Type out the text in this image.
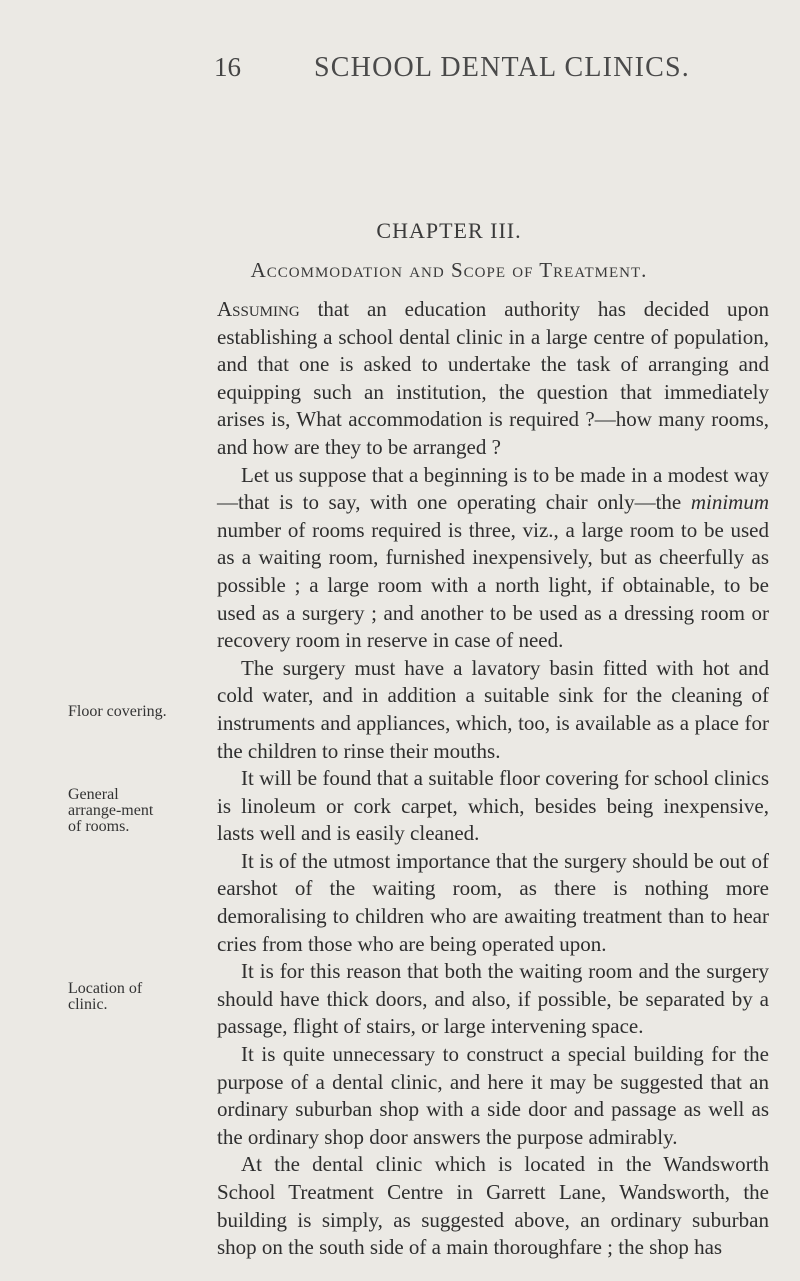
16	SCHOOL DENTAL CLINICS.
CHAPTER III.
Accommodation and Scope of Treatment.

Assuming that an education authority has decided upon establishing a school dental clinic in a large centre of population, and that one is asked to undertake the task of arranging and equipping such an institution, the question that immediately arises is, What accommodation is required ?—how many rooms, and how are they to be arranged ?

Let us suppose that a beginning is to be made in a modest way—that is to say, with one operating chair only—the minimum number of rooms required is three, viz., a large room to be used as a waiting room, furnished inexpensively, but as cheerfully as possible ; a large room with a north light, if obtainable, to be used as a surgery ; and another to be used as a dressing room or recovery room in reserve in case of need.

The surgery must have a lavatory basin fitted with hot and cold water, and in addition a suitable sink for the cleaning of instruments and appliances, which, too, is available as a place for the children to rinse their mouths.

It will be found that a suitable floor covering for school clinics is linoleum or cork carpet, which, besides being inexpensive, lasts well and is easily cleaned.

It is of the utmost importance that the surgery should be out of earshot of the waiting room, as there is nothing more demoralising to children who are awaiting treatment than to hear cries from those who are being operated upon.

It is for this reason that both the waiting room and the surgery should have thick doors, and also, if possible, be separated by a passage, flight of stairs, or large intervening space.

It is quite unnecessary to construct a special building for the purpose of a dental clinic, and here it may be suggested that an ordinary suburban shop with a side door and passage as well as the ordinary shop door answers the purpose admirably.

At the dental clinic which is located in the Wandsworth School Treatment Centre in Garrett Lane, Wandsworth, the building is simply, as suggested above, an ordinary suburban shop on the south side of a main thoroughfare ; the shop has

Floor covering.
General arrange-ment of rooms.
Location of clinic.
